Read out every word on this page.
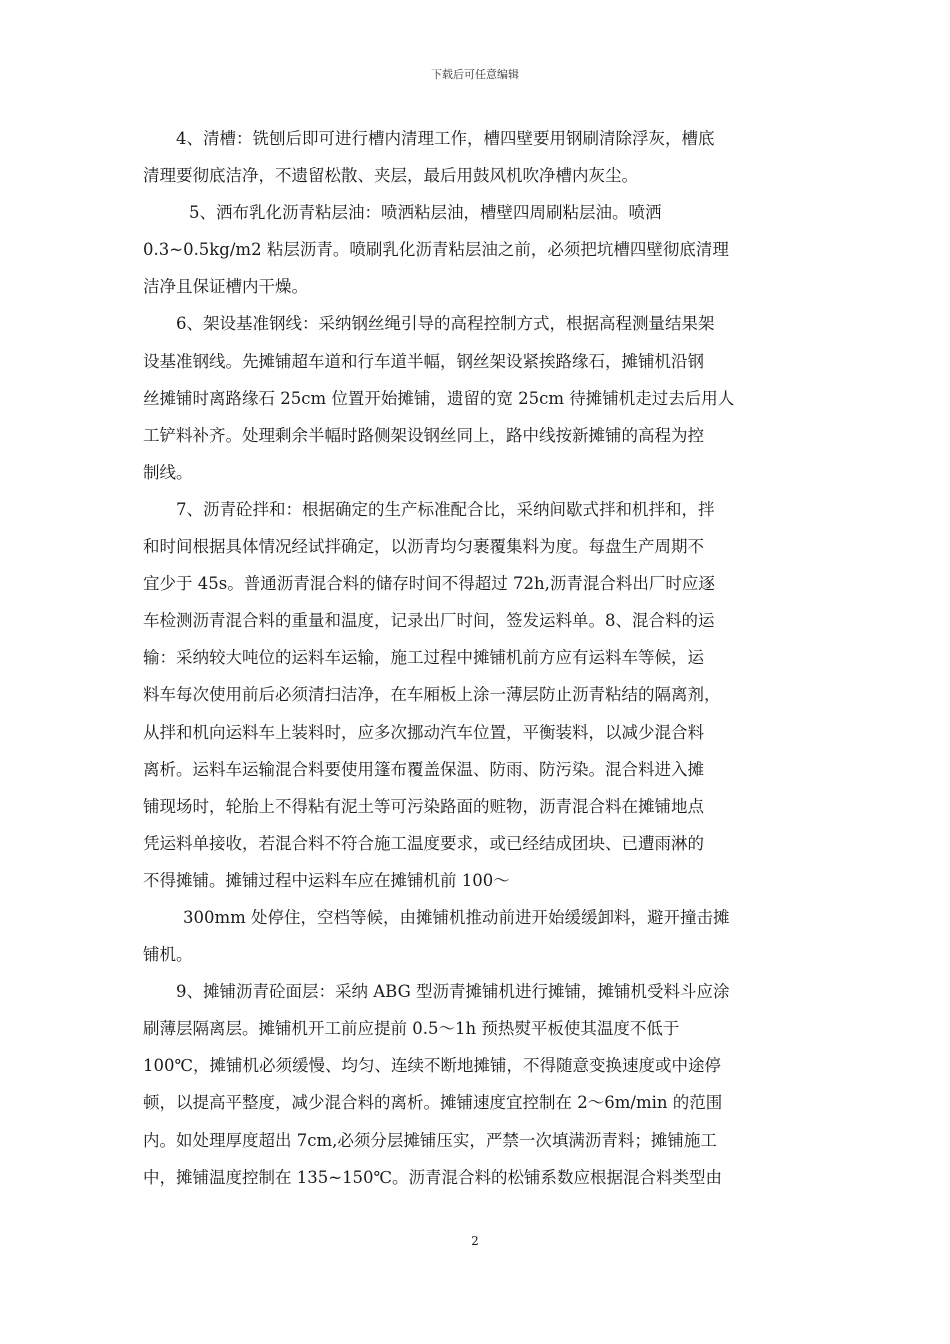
下载后可任意编辑

4、清槽：铣刨后即可进行槽内清理工作，槽四壁要用钢刷清除浮灰，槽底
清理要彻底洁净，不遗留松散、夹层，最后用鼓风机吹净槽内灰尘。

5、洒布乳化沥青粘层油：喷洒粘层油，槽壁四周刷粘层油。喷洒
0.3~0.5kg/m2 粘层沥青。喷刷乳化沥青粘层油之前，必须把坑槽四壁彻底清理
洁净且保证槽内干燥。

6、架设基准钢线：采纳钢丝绳引导的高程控制方式，根据高程测量结果架
设基准钢线。先摊铺超车道和行车道半幅，钢丝架设紧挨路缘石，摊铺机沿钢
丝摊铺时离路缘石 25cm 位置开始摊铺，遗留的宽 25cm 待摊铺机走过去后用人
工铲料补齐。处理剩余半幅时路侧架设钢丝同上，路中线按新摊铺的高程为控
制线。

7、沥青砼拌和：根据确定的生产标准配合比，采纳间歇式拌和机拌和，拌
和时间根据具体情况经试拌确定，以沥青均匀裹覆集料为度。每盘生产周期不
宜少于 45s。普通沥青混合料的储存时间不得超过 72h,沥青混合料出厂时应逐
车检测沥青混合料的重量和温度，记录出厂时间，签发运料单。8、混合料的运
输：采纳较大吨位的运料车运输，施工过程中摊铺机前方应有运料车等候，运
料车每次使用前后必须清扫洁净，在车厢板上涂一薄层防止沥青粘结的隔离剂，
从拌和机向运料车上装料时，应多次挪动汽车位置，平衡装料，以减少混合料
离析。运料车运输混合料要使用篷布覆盖保温、防雨、防污染。混合料进入摊
铺现场时，轮胎上不得粘有泥土等可污染路面的赃物，沥青混合料在摊铺地点
凭运料单接收，若混合料不符合施工温度要求，或已经结成团块、已遭雨淋的
不得摊铺。摊铺过程中运料车应在摊铺机前 100～

300mm 处停住，空档等候，由摊铺机推动前进开始缓缓卸料，避开撞击摊
铺机。

9、摊铺沥青砼面层：采纳 ABG 型沥青摊铺机进行摊铺，摊铺机受料斗应涂
刷薄层隔离层。摊铺机开工前应提前 0.5～1h 预热熨平板使其温度不低于
100℃，摊铺机必须缓慢、均匀、连续不断地摊铺，不得随意变换速度或中途停
顿，以提高平整度，减少混合料的离析。摊铺速度宜控制在 2～6m/min 的范围
内。如处理厚度超出 7cm,必须分层摊铺压实，严禁一次填满沥青料；摊铺施工
中，摊铺温度控制在 135~150℃。沥青混合料的松铺系数应根据混合料类型由

2
